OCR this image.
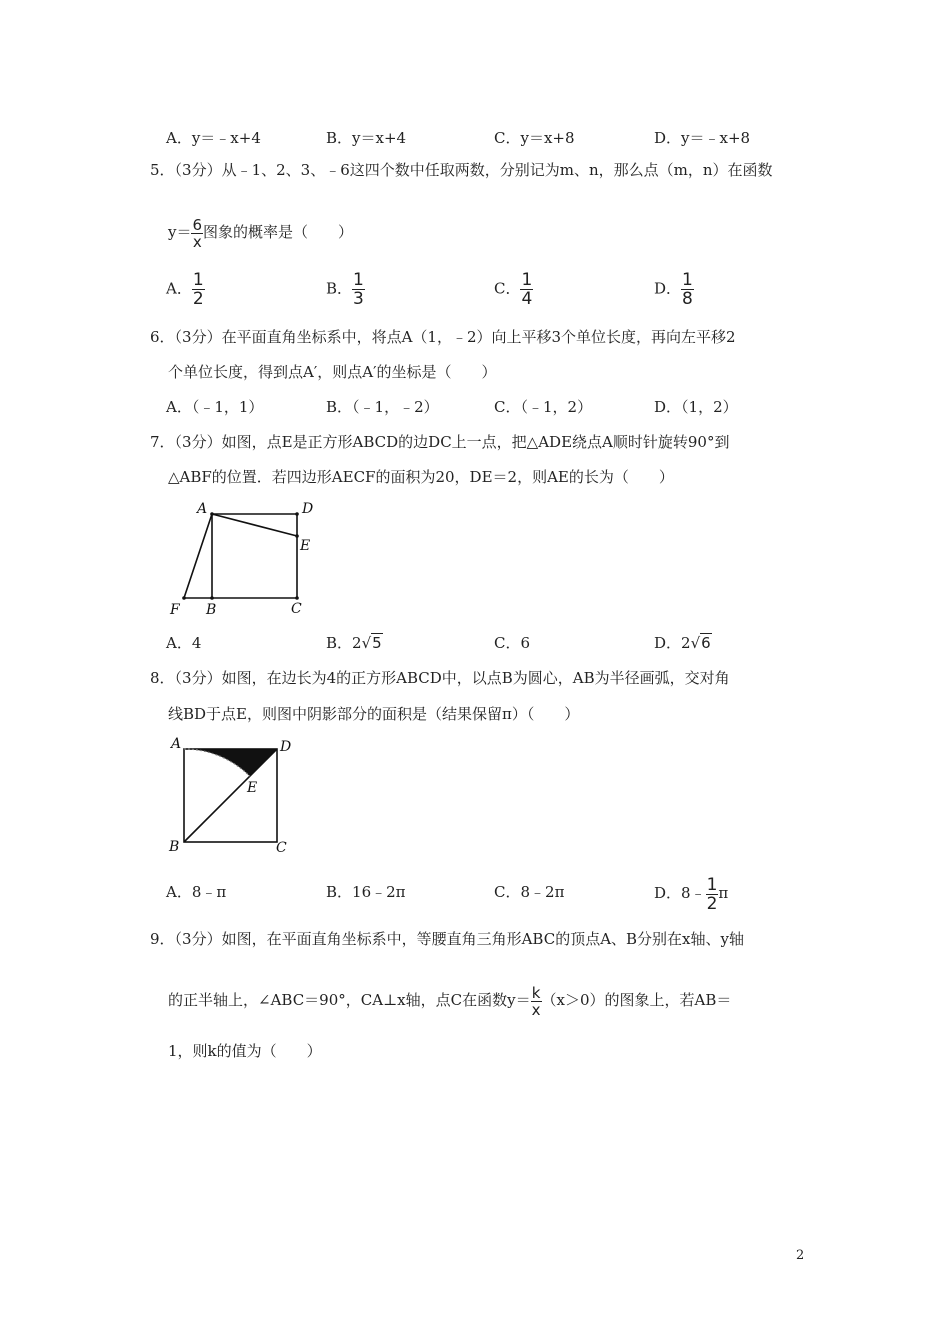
A．y＝﹣x+4	B．y＝x+4	C．y＝x+8	D．y＝﹣x+8
5．（3分）从﹣1、2、3、﹣6这四个数中任取两数，分别记为m、n，那么点（m，n）在函数
$y= \frac{6}{x}$ 图象的概率是（　　）
A． $\frac{1}{2}$	B． $\frac{1}{3}$	C． $\frac{1}{4}$	D． $\frac{1}{8}$
6．（3分）在平面直角坐标系中，将点A（1，﹣2）向上平移3个单位长度，再向左平移2
个单位长度，得到点A′，则点A′的坐标是（　　）
A．（﹣1，1）	B．（﹣1，﹣2）	C．（﹣1，2）	D．（1，2）
7．（3分）如图，点E是正方形ABCD的边DC上一点，把△ADE绕点A顺时针旋转90°到
△ABF的位置．若四边形AECF的面积为20，DE＝2，则AE的长为（　　）
A	D
E
F B	C
A．4	B．2√5	C．6	D．2√6
8．（3分）如图，在边长为4的正方形ABCD中，以点B为圆心，AB为半径画弧，交对角
线BD于点E，则图中阴影部分的面积是（结果保留π）（　　）
A	D
E
B	C
A．8﹣π	B．16﹣2π	C．8﹣2π	D．8﹣ $\frac{1}{2}$ π
9．（3分）如图，在平面直角坐标系中，等腰直角三角形ABC的顶点A、B分别在x轴、y轴
的正半轴上，∠ABC＝90°，CA⊥x轴，点C在函数$y= \frac{k}{x} (x>0)$的图象上，若AB＝
1，则k的值为（　　）
2
